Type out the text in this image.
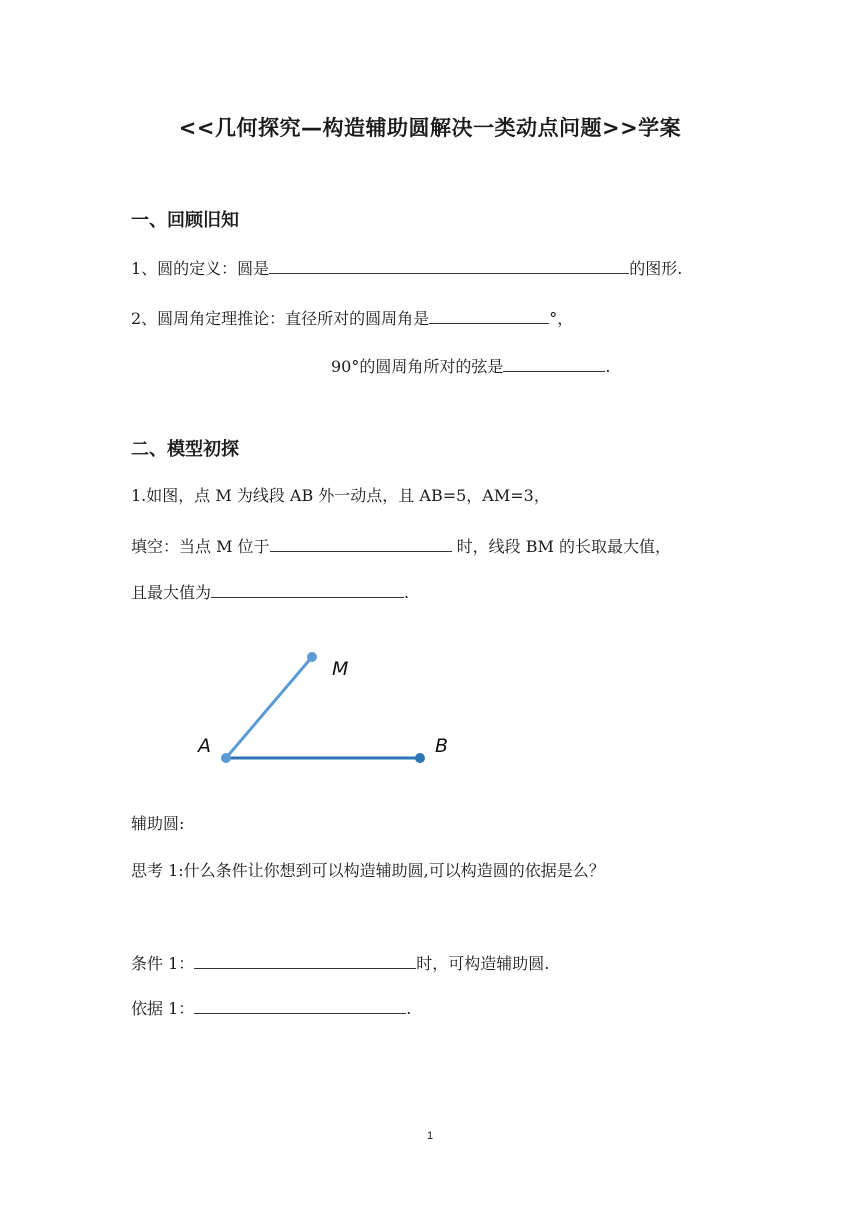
<<几何探究—构造辅助圆解决一类动点问题>>学案
一、回顾旧知
1、圆的定义：圆是	的图形.
2、圆周角定理推论：直径所对的圆周角是	°，
90°的圆周角所对的弦是	.
二、模型初探
1.如图，点 M 为线段 AB 外一动点，且 AB=5，AM=3，
填空：当点 M 位于	时，线段 BM 的长取最大值，
且最大值为	.
M
A	B
辅助圆:
思考 1:什么条件让你想到可以构造辅助圆,可以构造圆的依据是么？
条件 1：	时，可构造辅助圆.
依据 1：	.
1
